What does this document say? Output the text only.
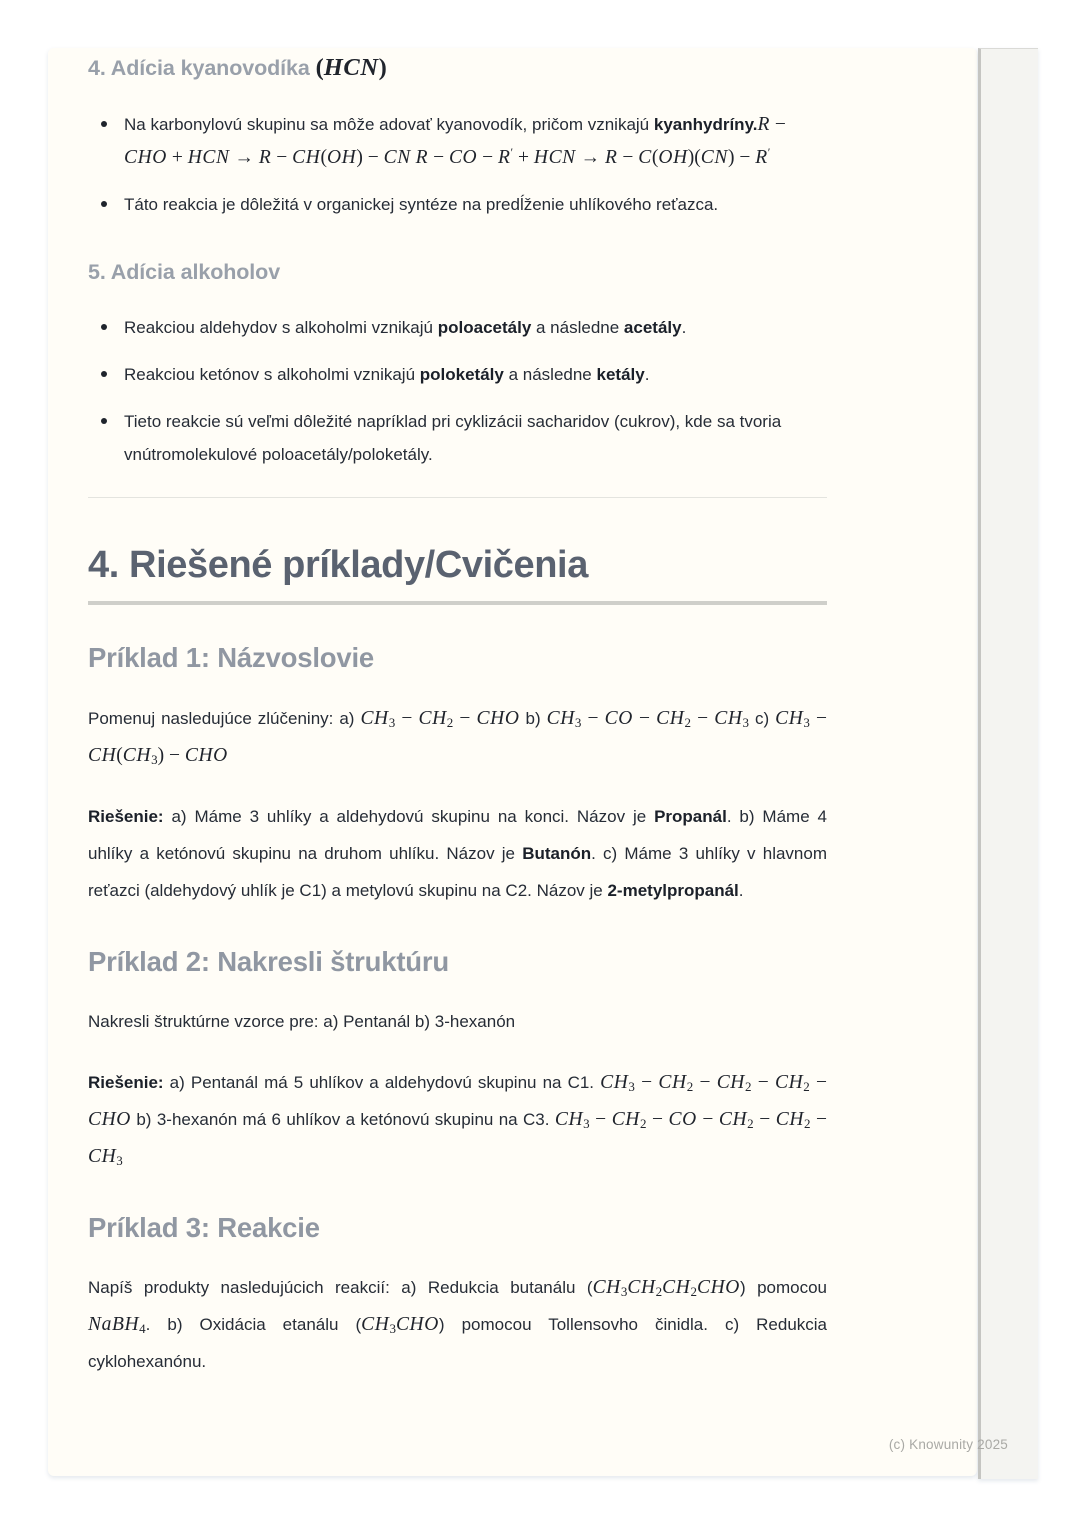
4. Adícia kyanovodíka (HCN)
Na karbonylovú skupinu sa môže adovať kyanovodík, pričom vznikajú kyanhydríny.R − CHO + HCN → R − CH(OH) − CN R − CO − R′ + HCN → R − C(OH)(CN) − R′
Táto reakcia je dôležitá v organickej syntéze na predĺženie uhlíkového reťazca.
5. Adícia alkoholov
Reakciou aldehydov s alkoholmi vznikajú poloacetály a následne acetály.
Reakciou ketónov s alkoholmi vznikajú poloketály a následne ketály.
Tieto reakcie sú veľmi dôležité napríklad pri cyklizácii sacharidov (cukrov), kde sa tvoria vnútromolekulové poloacetály/poloketály.
4. Riešené príklady/Cvičenia
Príklad 1: Názvoslovie

Pomenuj nasledujúce zlúčeniny: a) $CH_3 - CH_2$ − CHO b) $CH_3$ − CO − $CH_2 - CH_3$ c) $CH_3 - CH(CH_3)$ − CHO

Riešenie: a) Máme 3 uhlíky a aldehydovú skupinu na konci. Názov je Propanál. b) Máme 4 uhlíky a ketónovú skupinu na druhom uhlíku. Názov je Butanón. c) Máme 3 uhlíky v hlavnom reťazci (aldehydový uhlík je C1) a metylovú skupinu na C2. Názov je 2-metylpropanál.

Príklad 2: Nakresli štruktúru

Nakresli štruktúrne vzorce pre: a) Pentanál b) 3-hexanón

Riešenie: a) Pentanál má 5 uhlíkov a aldehydovú skupinu na C1. $CH_3 - CH_2 - CH_2 - CH_2$ − CHO b) 3-hexanón má 6 uhlíkov a ketónovú skupinu na C3. $CH_3 - CH_2$ − CO − $CH_2 - CH_2 - CH_3$

Príklad 3: Reakcie

Napíš produkty nasledujúcich reakcií: a) Redukcia butanálu $(CH_3CH_2CH_2CHO)$ pomocou NaBH$_4$. b) Oxidácia etanálu $(CH_3CHO)$ pomocou Tollensovho činidla. c) Redukcia cyklohexanónu.

(c) Knowunity 2025
